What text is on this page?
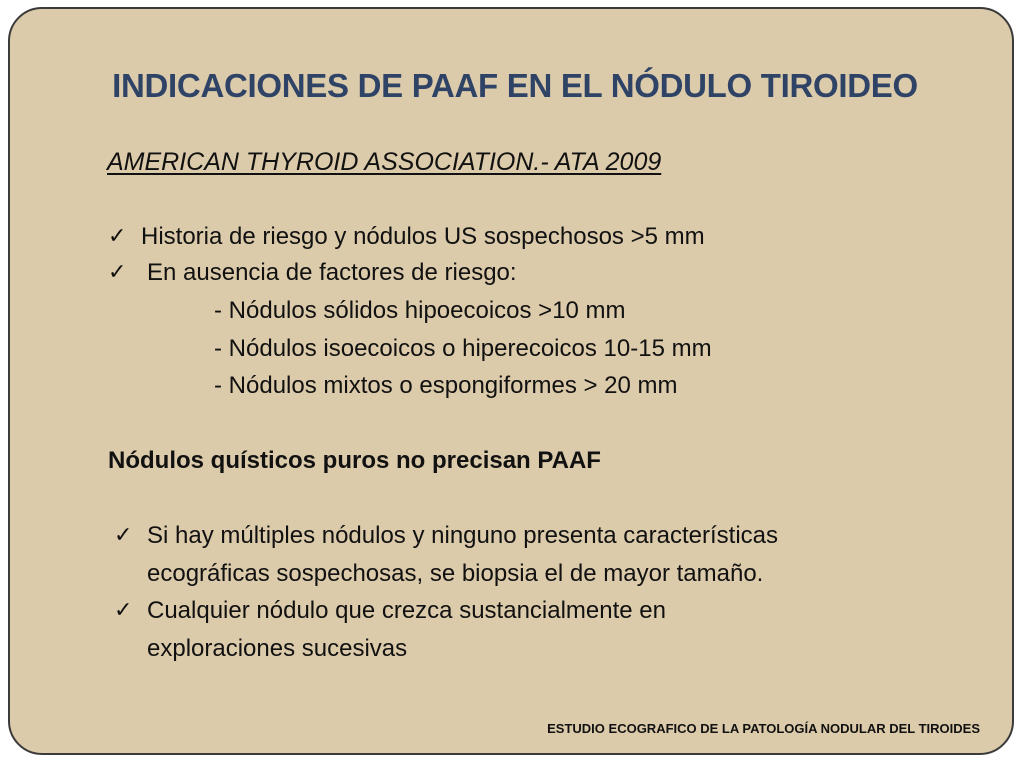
INDICACIONES DE PAAF EN EL NÓDULO TIROIDEO
AMERICAN THYROID ASSOCIATION.- ATA 2009
✓ Historia de riesgo y nódulos US sospechosos >5 mm
✓ En ausencia de factores de riesgo:
- Nódulos sólidos hipoecoicos >10 mm
- Nódulos isoecoicos o hiperecoicos 10-15 mm
- Nódulos mixtos o espongiformes > 20 mm
Nódulos quísticos puros no precisan PAAF
✓ Si hay múltiples nódulos y ninguno presenta características
ecográficas sospechosas, se biopsia el de mayor tamaño.
✓ Cualquier nódulo que crezca sustancialmente en
exploraciones sucesivas
ESTUDIO ECOGRAFICO DE LA PATOLOGÍA NODULAR DEL TIROIDES
